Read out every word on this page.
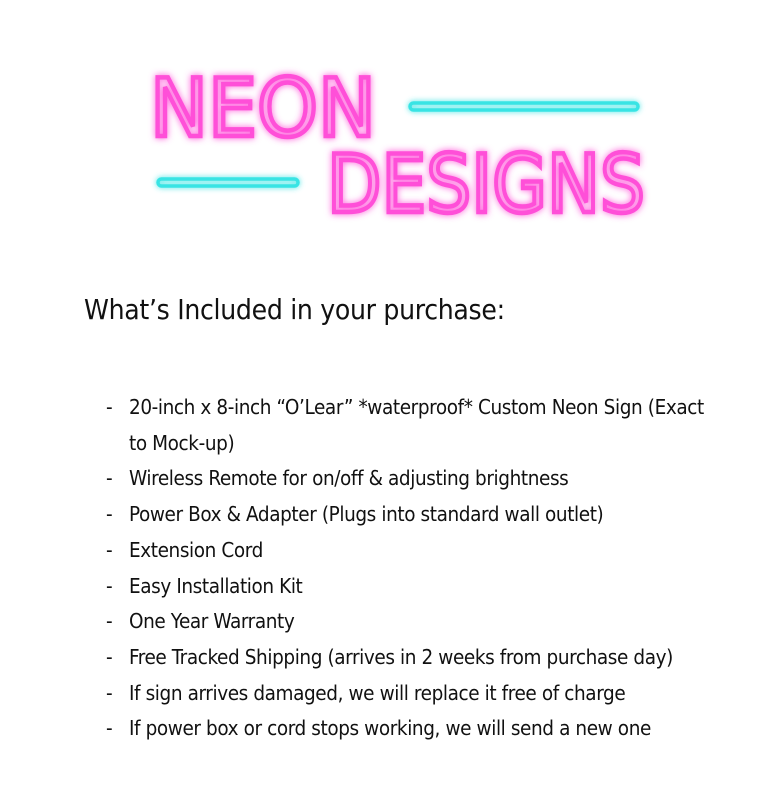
NEON
DESIGNS
What’s Included in your purchase:
- 20-inch x 8-inch “O’Lear” *waterproof* Custom Neon Sign (Exact to Mock-up)
- Wireless Remote for on/off & adjusting brightness
- Power Box & Adapter (Plugs into standard wall outlet)
- Extension Cord
- Easy Installation Kit
- One Year Warranty
- Free Tracked Shipping (arrives in 2 weeks from purchase day)
- If sign arrives damaged, we will replace it free of charge
- If power box or cord stops working, we will send a new one
